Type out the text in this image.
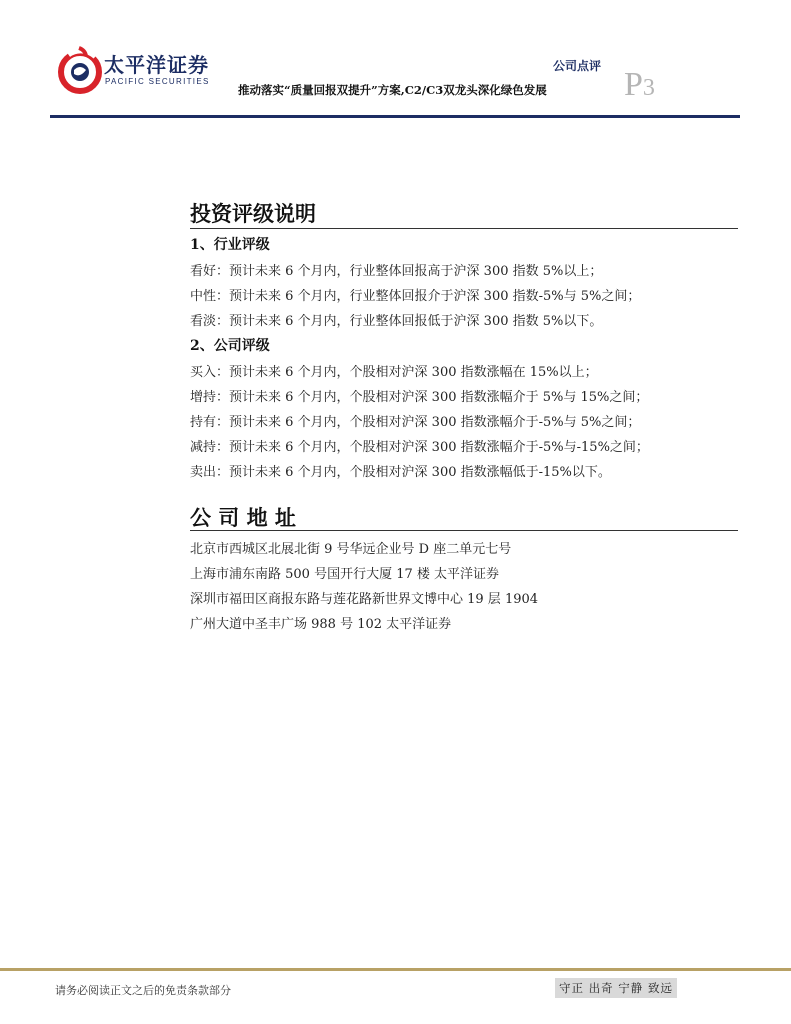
太平洋证券
PACIFIC SECURITIES
公司点评
推动落实“质量回报双提升”方案,C2/C3双龙头深化绿色发展 P3
投资评级说明
1、行业评级
看好：预计未来 6 个月内，行业整体回报高于沪深 300 指数 5%以上；
中性：预计未来 6 个月内，行业整体回报介于沪深 300 指数-5%与 5%之间；
看淡：预计未来 6 个月内，行业整体回报低于沪深 300 指数 5%以下。
2、公司评级
买入：预计未来 6 个月内，个股相对沪深 300 指数涨幅在 15%以上；
增持：预计未来 6 个月内，个股相对沪深 300 指数涨幅介于 5%与 15%之间；
持有：预计未来 6 个月内，个股相对沪深 300 指数涨幅介于-5%与 5%之间；
减持：预计未来 6 个月内，个股相对沪深 300 指数涨幅介于-5%与-15%之间；
卖出：预计未来 6 个月内，个股相对沪深 300 指数涨幅低于-15%以下。
公 司 地 址
北京市西城区北展北街 9 号华远企业号 D 座二单元七号
上海市浦东南路 500 号国开行大厦 17 楼 太平洋证券
深圳市福田区商报东路与莲花路新世界文博中心 19 层 1904
广州大道中圣丰广场 988 号 102 太平洋证券
请务必阅读正文之后的免责条款部分	守正 出奇 宁静 致远
